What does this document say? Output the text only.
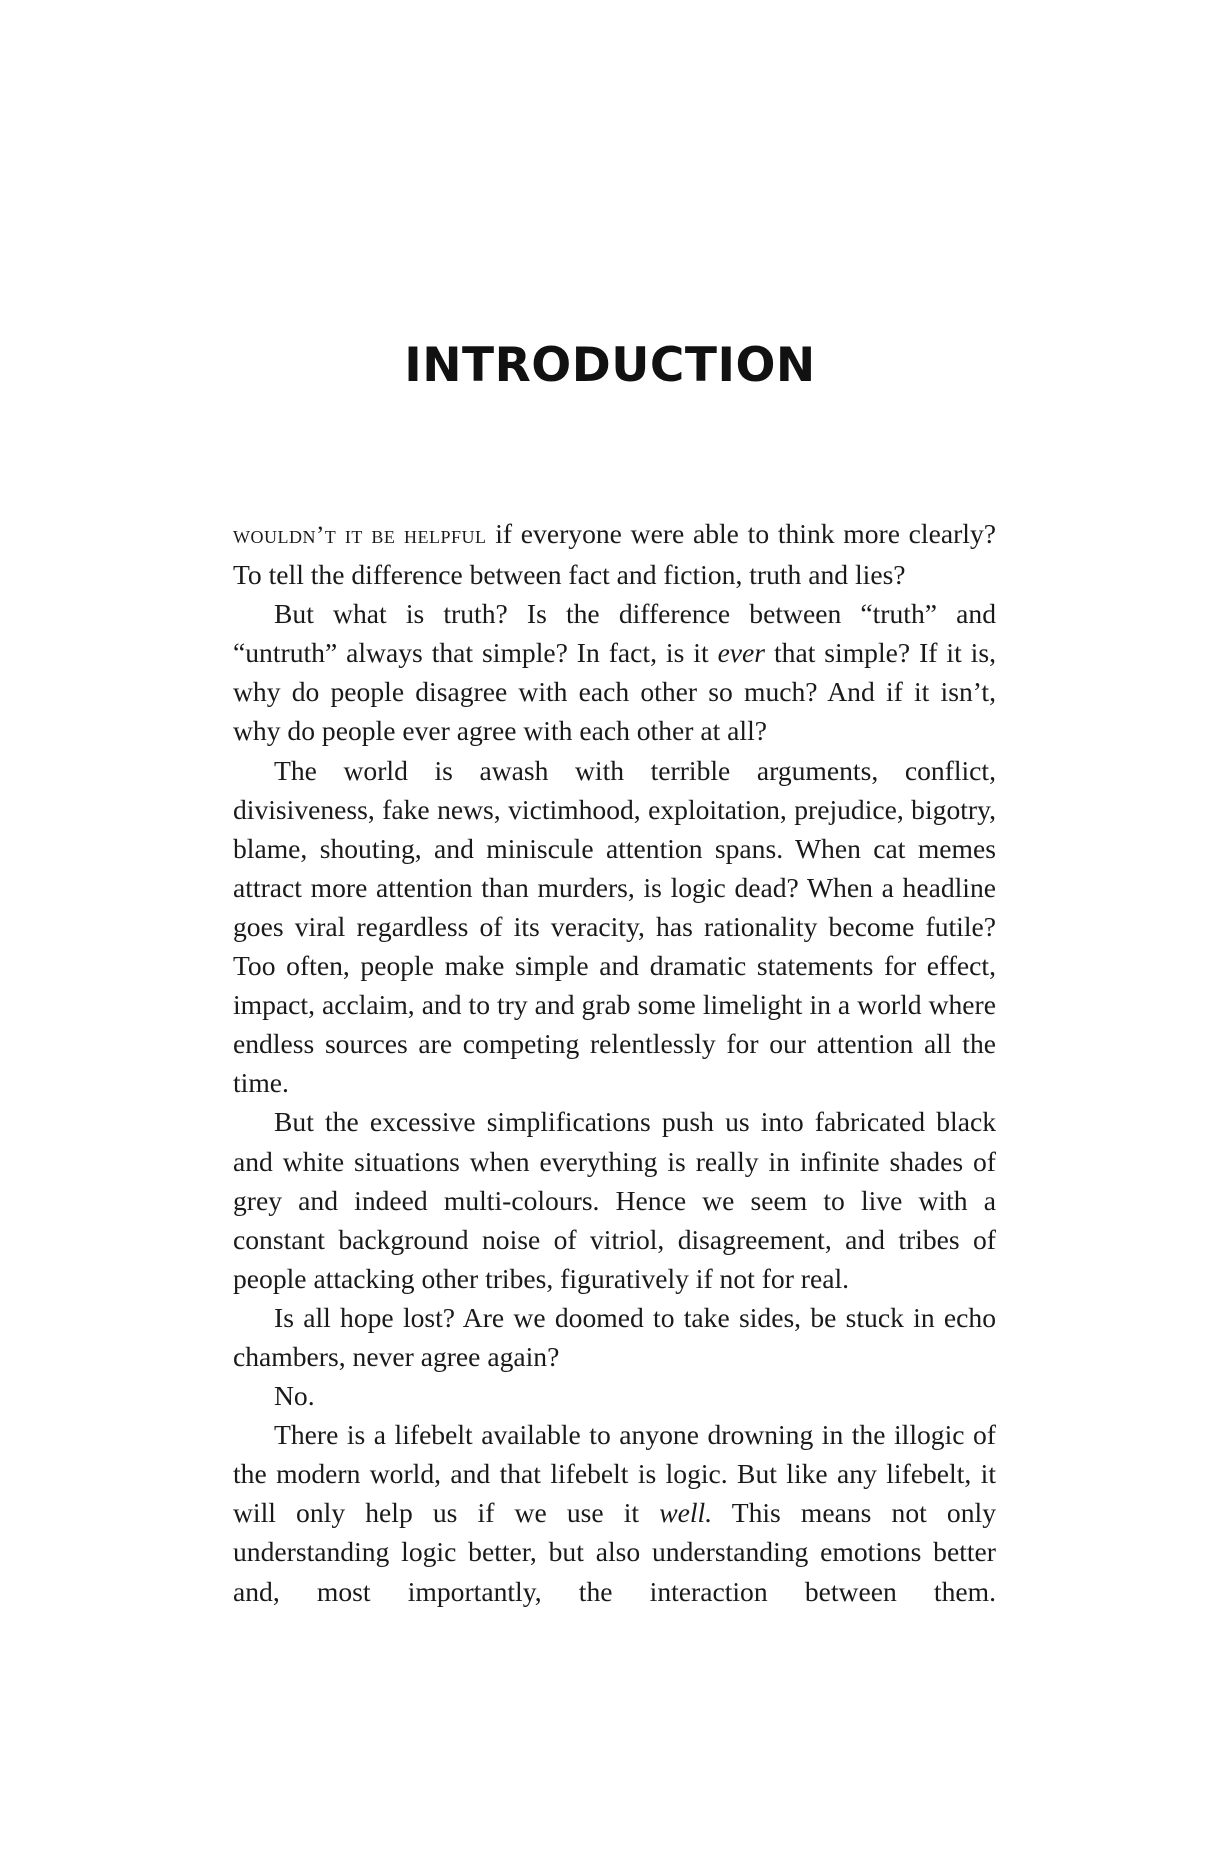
INTRODUCTION

wouldn’t it be helpful if everyone were able to think more clearly? To tell the difference between fact and fiction, truth and lies?

But what is truth? Is the difference between “truth” and “untruth” always that simple? In fact, is it ever that simple? If it is, why do people disagree with each other so much? And if it isn’t, why do people ever agree with each other at all?

The world is awash with terrible arguments, conflict, divisiveness, fake news, victimhood, exploitation, prejudice, bigotry, blame, shouting, and miniscule attention spans. When cat memes attract more attention than murders, is logic dead? When a headline goes viral regardless of its veracity, has rationality become futile? Too often, people make simple and dramatic statements for effect, impact, acclaim, and to try and grab some limelight in a world where endless sources are competing relentlessly for our attention all the time.

But the excessive simplifications push us into fabricated black and white situations when everything is really in infinite shades of grey and indeed multi-colours. Hence we seem to live with a constant background noise of vitriol, disagreement, and tribes of people attacking other tribes, figuratively if not for real.

Is all hope lost? Are we doomed to take sides, be stuck in echo chambers, never agree again?

No.

There is a lifebelt available to anyone drowning in the illogic of the modern world, and that lifebelt is logic. But like any lifebelt, it will only help us if we use it well. This means not only understanding logic better, but also understanding emotions better and, most importantly, the interaction between them.
